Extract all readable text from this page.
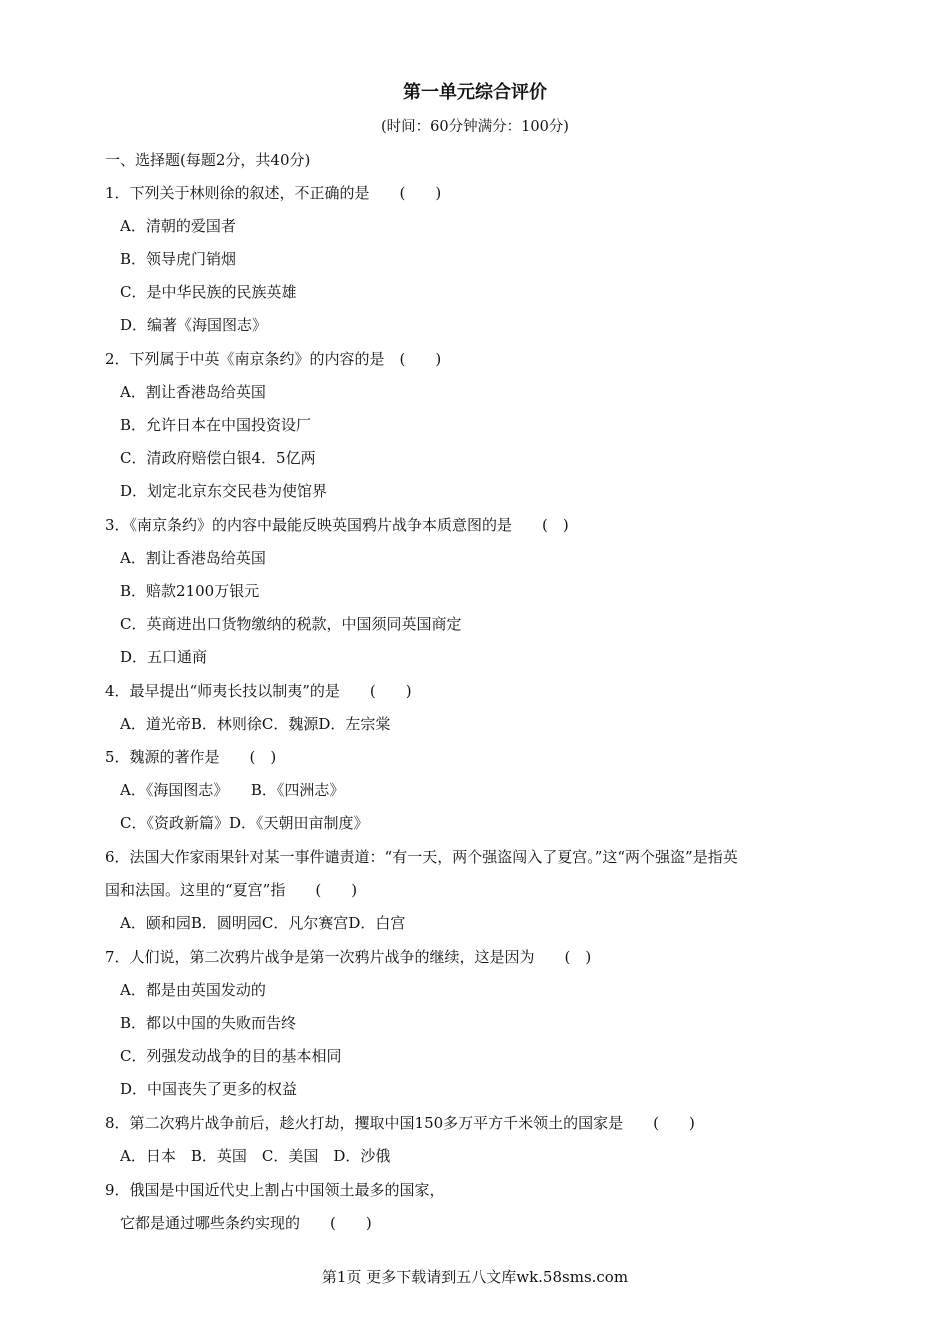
第一单元综合评价
(时间：60分钟满分：100分)
一、选择题(每题2分，共40分)
1．下列关于林则徐的叙述，不正确的是　　(　　)
A．清朝的爱国者
B．领导虎门销烟
C．是中华民族的民族英雄
D．编著《海国图志》
2．下列属于中英《南京条约》的内容的是　(　　)
A．割让香港岛给英国
B．允许日本在中国投资设厂
C．清政府赔偿白银4．5亿两
D．划定北京东交民巷为使馆界
3．《南京条约》的内容中最能反映英国鸦片战争本质意图的是　　(　)
A．割让香港岛给英国
B．赔款2100万银元
C．英商进出口货物缴纳的税款，中国须同英国商定
D．五口通商
4．最早提出“师夷长技以制夷”的是　　(　　)
A．道光帝B．林则徐C．魏源D．左宗棠
5．魏源的著作是　　(　)
A．《海国图志》　　B．《四洲志》
C．《资政新篇》D．《天朝田亩制度》
6．法国大作家雨果针对某一事件谴责道：“有一天，两个强盗闯入了夏宫。”这“两个强盗”是指英
国和法国。这里的“夏宫”指　　(　　)
A．颐和园B．圆明园C．凡尔赛宫D．白宫
7．人们说，第二次鸦片战争是第一次鸦片战争的继续，这是因为　　(　)
A．都是由英国发动的
B．都以中国的失败而告终
C．列强发动战争的目的基本相同
D．中国丧失了更多的权益
8．第二次鸦片战争前后，趁火打劫，攫取中国150多万平方千米领土的国家是　　(　　)
A．日本　B．英国　C．美国　D．沙俄
9．俄国是中国近代史上割占中国领土最多的国家，
它都是通过哪些条约实现的　　(　　)
第1页 更多下载请到五八文库wk.58sms.com
